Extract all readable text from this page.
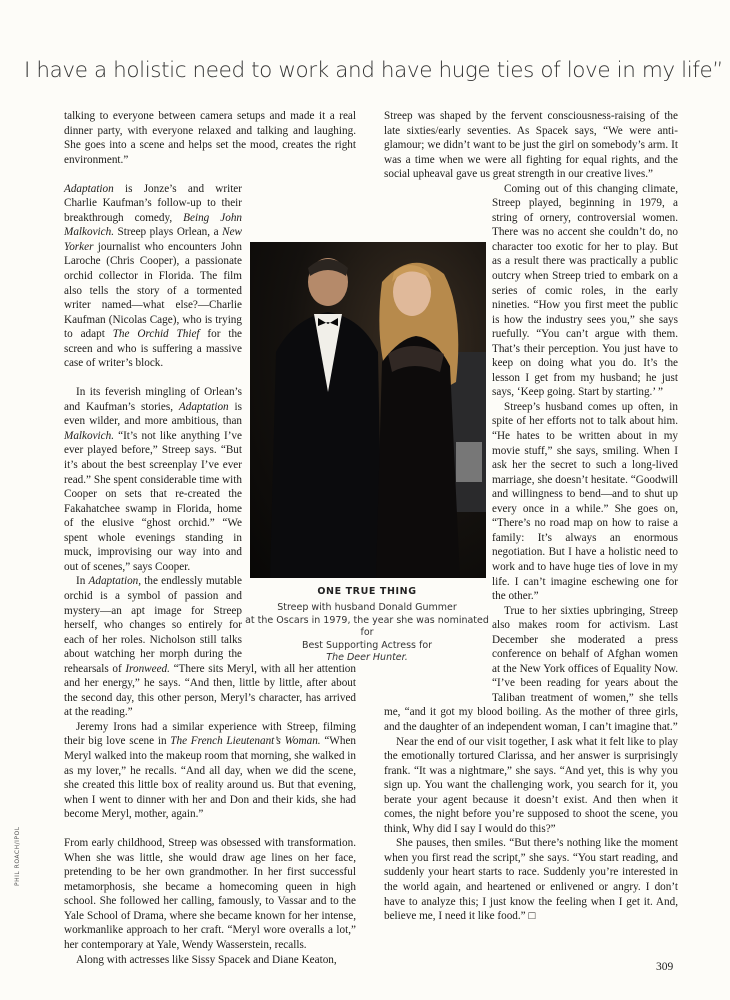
I have a holistic need to work and have huge ties of love in my life”

talking to everyone between camera setups and made it a real dinner party, with everyone relaxed and talking and laughing. She goes into a scene and helps set the mood, creates the right environment.”

Adaptation is Jonze’s and writer Charlie Kaufman’s follow-up to their breakthrough comedy, Being John Malkovich. Streep plays Orlean, a New Yorker journalist who encounters John Laroche (Chris Cooper), a passionate orchid collector in Florida. The film also tells the story of a tormented writer named—what else?—Charlie Kaufman (Nicolas Cage), who is trying to adapt The Orchid Thief for the screen and who is suffering a massive case of writer’s block.

In its feverish mingling of Orlean’s and Kaufman’s stories, Adaptation is even wilder, and more ambitious, than Malkovich. “It’s not like anything I’ve ever played before,” Streep says. “But it’s about the best screenplay I’ve ever read.” She spent considerable time with Cooper on sets that re-created the Fakahatchee swamp in Florida, home of the elusive “ghost orchid.” “We spent whole evenings standing in muck, improvising our way into and out of scenes,” says Cooper.

In Adaptation, the endlessly mutable orchid is a symbol of passion and mystery—an apt image for Streep herself, who changes so entirely for each of her roles. Nicholson still talks about watching her morph during the rehearsals of Ironweed. “There sits Meryl, with all her attention and her energy,” he says. “And then, little by little, after about the second day, this other person, Meryl’s character, has arrived at the reading.”

Jeremy Irons had a similar experience with Streep, filming their big love scene in The French Lieutenant’s Woman. “When Meryl walked into the makeup room that morning, she walked in as my lover,” he recalls. “And all day, when we did the scene, she created this little box of reality around us. But that evening, when I went to dinner with her and Don and their kids, she had become Meryl, mother, again.”

From early childhood, Streep was obsessed with transformation. When she was little, she would draw age lines on her face, pretending to be her own grandmother. In her first successful metamorphosis, she became a homecoming queen in high school. She followed her calling, famously, to Vassar and to the Yale School of Drama, where she became known for her intense, workmanlike approach to her craft. “Meryl wore overalls a lot,” her contemporary at Yale, Wendy Wasserstein, recalls.

Along with actresses like Sissy Spacek and Diane Keaton,

Streep was shaped by the fervent consciousness-raising of the late sixties/early seventies. As Spacek says, “We were anti-glamour; we didn’t want to be just the girl on somebody’s arm. It was a time when we were all fighting for equal rights, and the social upheaval gave us great strength in our creative lives.”

Coming out of this changing climate, Streep played, beginning in 1979, a string of ornery, controversial women. There was no accent she couldn’t do, no character too exotic for her to play. But as a result there was practically a public outcry when Streep tried to embark on a series of comic roles, in the early nineties. “How you first meet the public is how the industry sees you,” she says ruefully. “You can’t argue with them. That’s their perception. You just have to keep on doing what you do. It’s the lesson I get from my husband; he just says, ‘Keep going. Start by starting.’ ”

Streep’s husband comes up often, in spite of her efforts not to talk about him. “He hates to be written about in my movie stuff,” she says, smiling. When I ask her the secret to such a long-lived marriage, she doesn’t hesitate. “Goodwill and willingness to bend—and to shut up every once in a while.” She goes on, “There’s no road map on how to raise a family: It’s always an enormous negotiation. But I have a holistic need to work and to have huge ties of love in my life. I can’t imagine eschewing one for the other.”

True to her sixties upbringing, Streep also makes room for activism. Last December she moderated a press conference on behalf of Afghan women at the New York offices of Equality Now. “I’ve been reading for years about the Taliban treatment of women,” she tells me, “and it got my blood boiling. As the mother of three girls, and the daughter of an independent woman, I can’t imagine that.”

Near the end of our visit together, I ask what it felt like to play the emotionally tortured Clarissa, and her answer is surprisingly frank. “It was a nightmare,” she says. “And yet, this is why you sign up. You want the challenging work, you search for it, you berate your agent because it doesn’t exist. And then when it comes, the night before you’re supposed to shoot the scene, you think, Why did I say I would do this?”

She pauses, then smiles. “But there’s nothing like the moment when you first read the script,” she says. “You start reading, and suddenly your heart starts to race. Suddenly you’re interested in the world again, and heartened or enlivened or angry. I don’t have to analyze this; I just know the feeling when I get it. And, believe me, I need it like food.” □

ONE TRUE THING
Streep with husband Donald Gummer
at the Oscars in 1979, the year she was nominated for
Best Supporting Actress for
The Deer Hunter.
PHIL ROACH/IPOL
309
